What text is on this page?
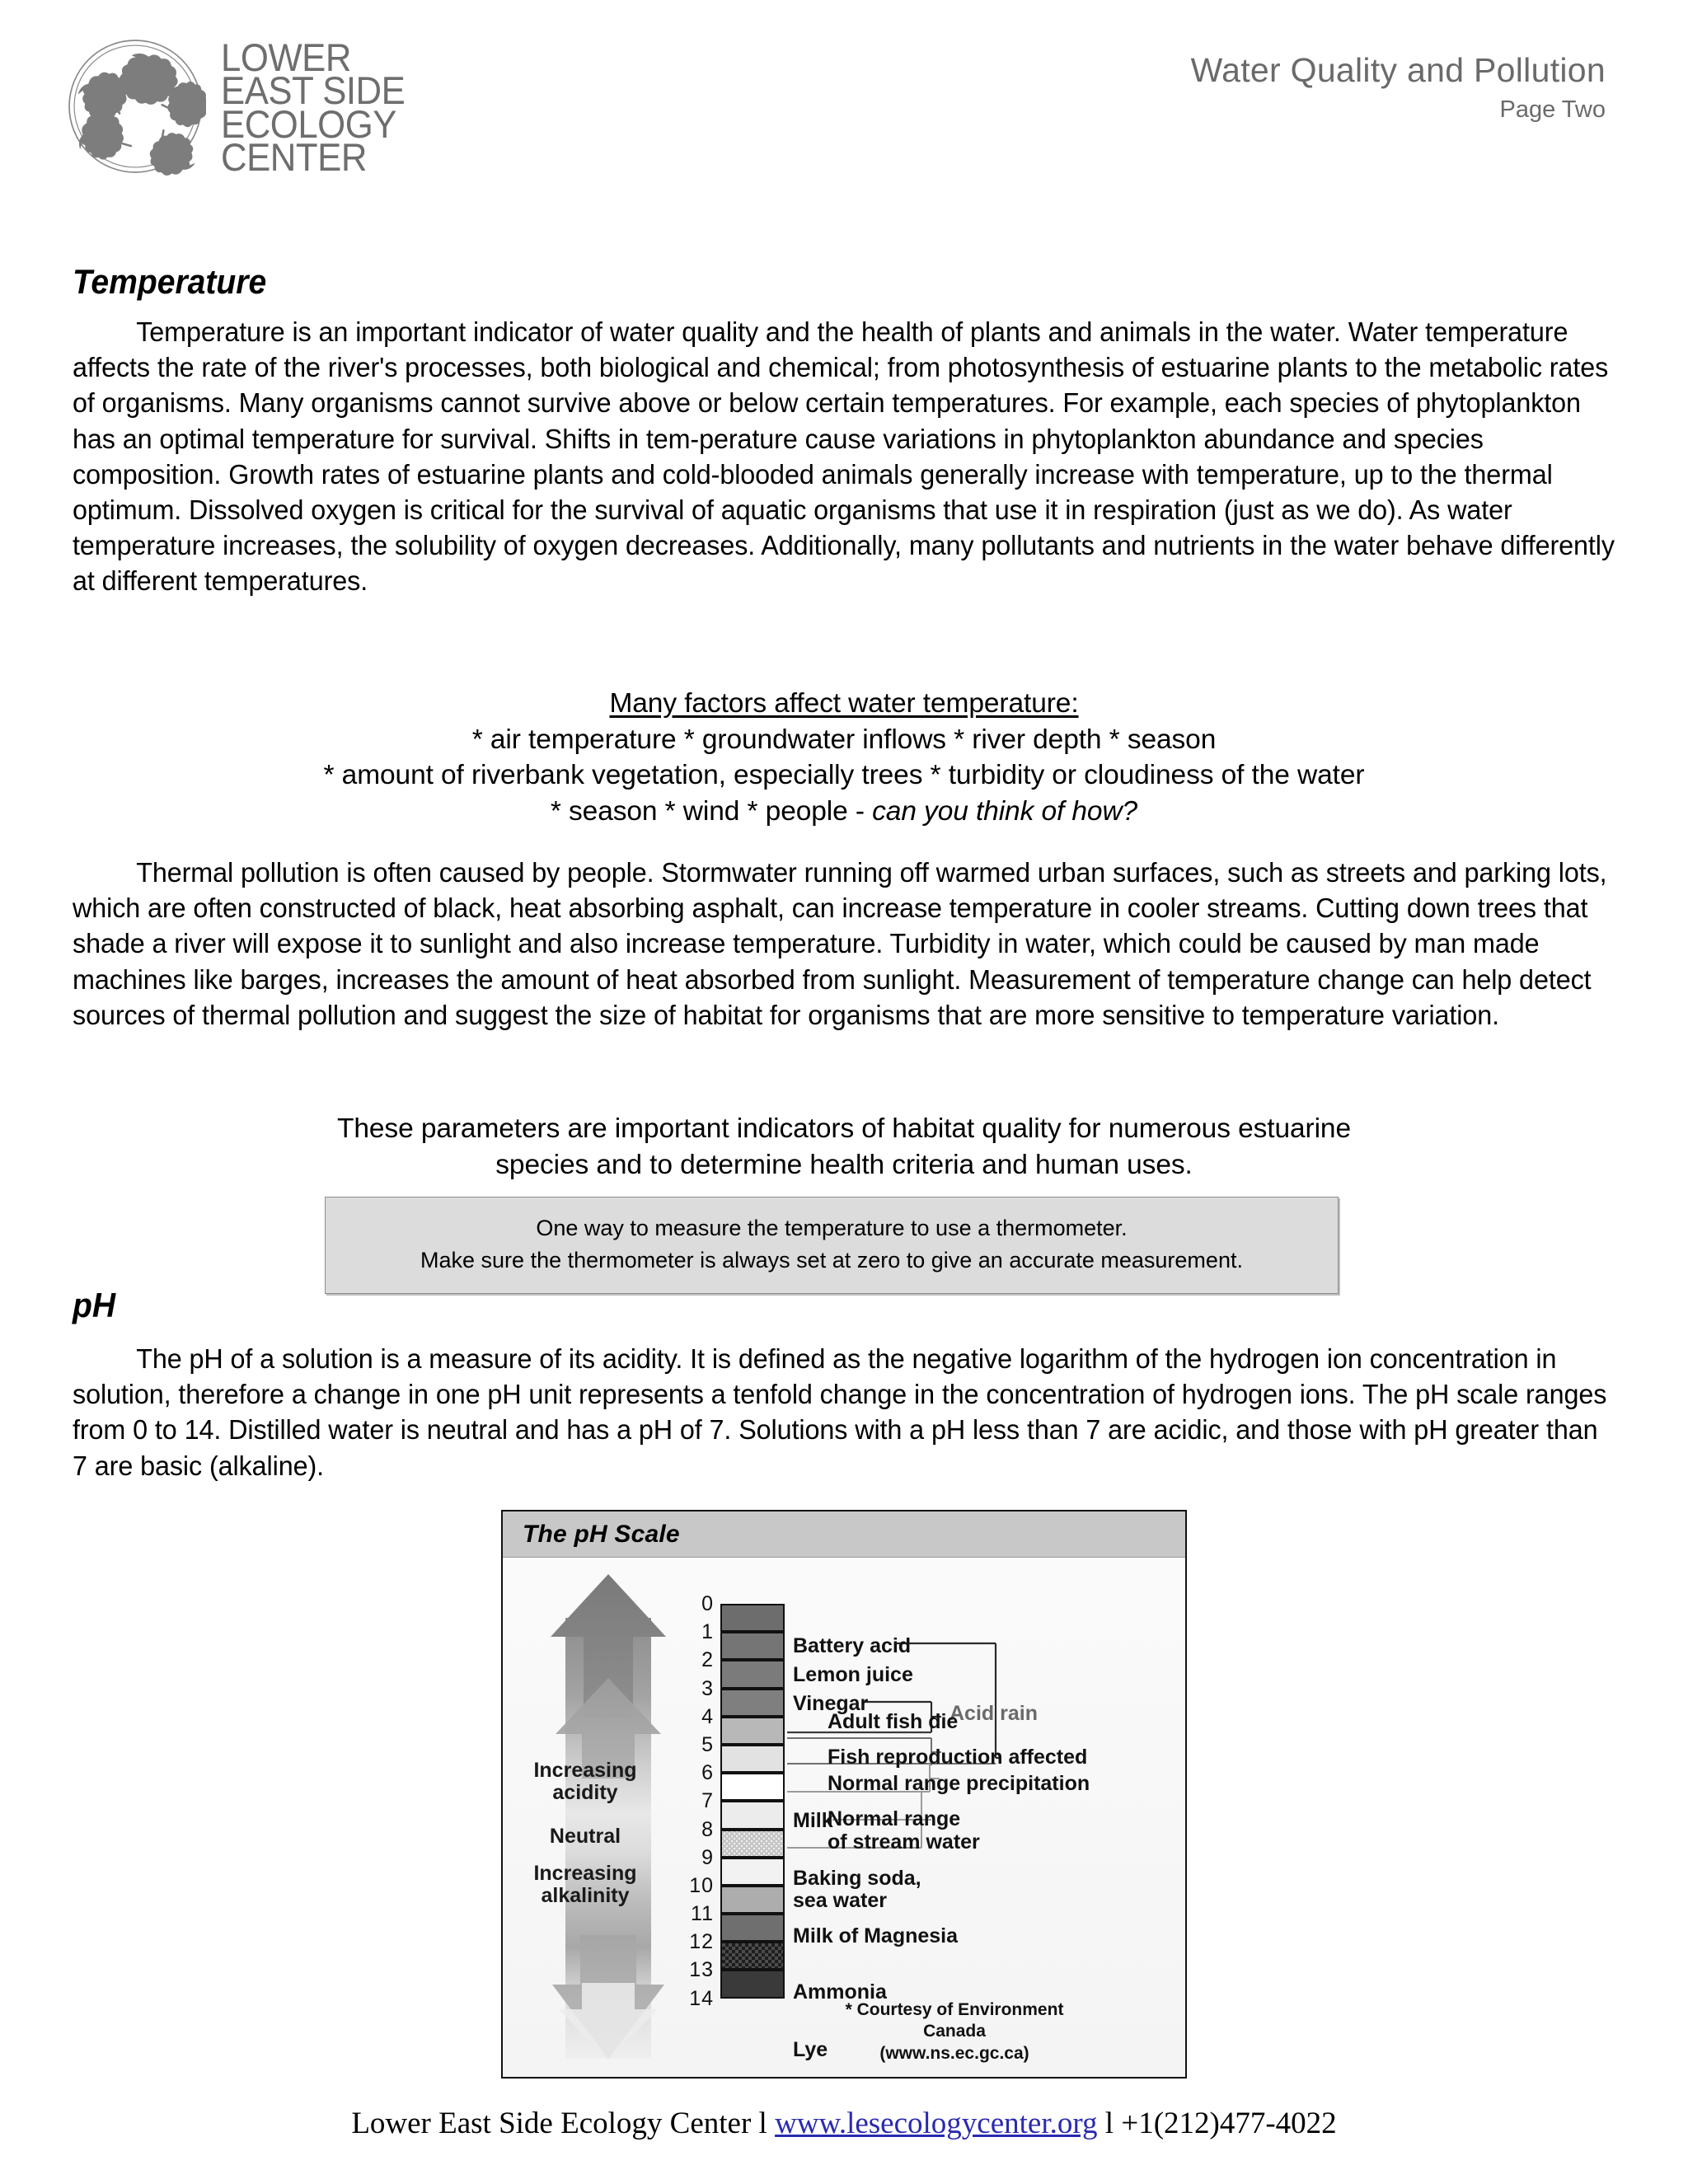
LOWER
EAST SIDE
ECOLOGY
CENTER
Water Quality and Pollution
Page Two
Temperature

Temperature is an important indicator of water quality and the health of plants and animals in the water. Water temperature affects the rate of the river's processes, both biological and chemical; from photosynthesis of estuarine plants to the metabolic rates of organisms. Many organisms cannot survive above or below certain temperatures. For example, each species of phytoplankton has an optimal temperature for survival. Shifts in tem-​perature cause variations in phytoplankton abundance and species composition. Growth rates of estuarine plants and cold-blooded animals generally increase with temperature, up to the thermal optimum. Dissolved oxygen is critical for the survival of aquatic organisms that use it in respiration (just as we do). As water temperature increases, the solubility of oxygen decreases. Additionally, many pollutants and nutrients in the water behave differently at different temperatures.

Many factors affect water temperature:
* air temperature * groundwater inflows * river depth * season
* amount of riverbank vegetation, especially trees * turbidity or cloudiness of the water
* season * wind * people - can you think of how?

Thermal pollution is often caused by people. Stormwater running off warmed urban surfaces, such as streets and parking lots, which are often constructed of black, heat absorbing asphalt, can increase temperature in cooler streams. Cutting down trees that shade a river will expose it to sunlight and also increase temperature. Turbidity in water, which could be caused by man made machines like barges, increases the amount of heat absorbed from sunlight. Measurement of temperature change can help detect sources of thermal pollution and suggest the size of habitat for organisms that are more sensitive to temperature variation.

These parameters are important indicators of habitat quality for numerous estuarine
species and to determine health criteria and human uses.
One way to measure the temperature to use a thermometer.
Make sure the thermometer is always set at zero to give an accurate measurement.
pH

The pH of a solution is a measure of its acidity. It is defined as the negative logarithm of the hydrogen ion concentration in solution, therefore a change in one pH unit represents a tenfold change in the concentration of hydrogen ions. The pH scale ranges from 0 to 14. Distilled water is neutral and has a pH of 7. Solutions with a pH less than 7 are acidic, and those with pH greater than 7 are basic (alkaline).

The pH Scale
Increasing acidity
Neutral
Increasing alkalinity
0
1
2
3
4
5
6
7
8
9
10
11
12
13
14
Battery acid
Lemon juice
Vinegar
Milk
Baking soda,
sea water
Milk of Magnesia
Ammonia
Lye
Acid rain
Adult fish die
Fish reproduction affected
Normal range precipitation
Normal range
of stream water
* Courtesy of Environment Canada
(www.ns.ec.gc.ca)
Lower East Side Ecology Center l www.lesecologycenter.org l +1(212)477-4022
